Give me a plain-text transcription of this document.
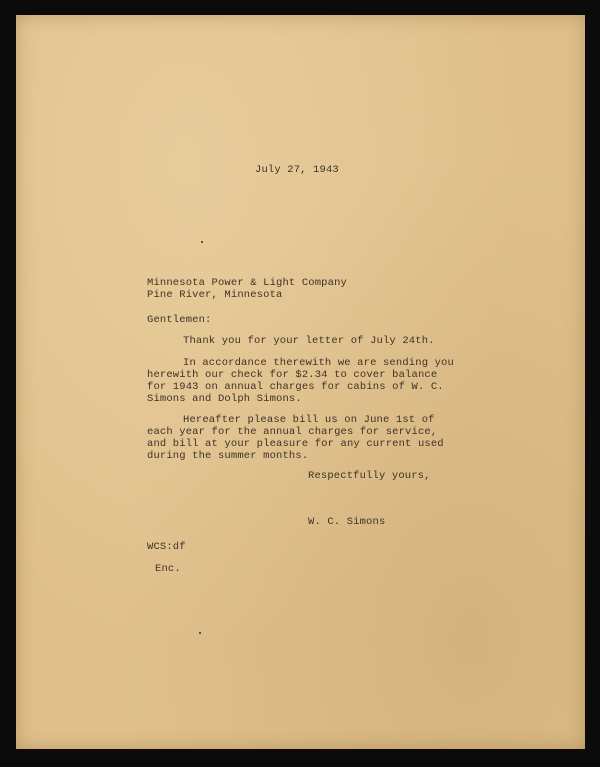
July 27, 1943
Minnesota Power & Light Company
Pine River, Minnesota
Gentlemen:
Thank you for your letter of July 24th.
In accordance therewith we are sending you
herewith our check for $2.34 to cover balance
for 1943 on annual charges for cabins of W. C.
Simons and Dolph Simons.
Hereafter please bill us on June 1st of
each year for the annual charges for service,
and bill at your pleasure for any current used
during the summer months.
Respectfully yours,
W. C. Simons
WCS:df
Enc.
